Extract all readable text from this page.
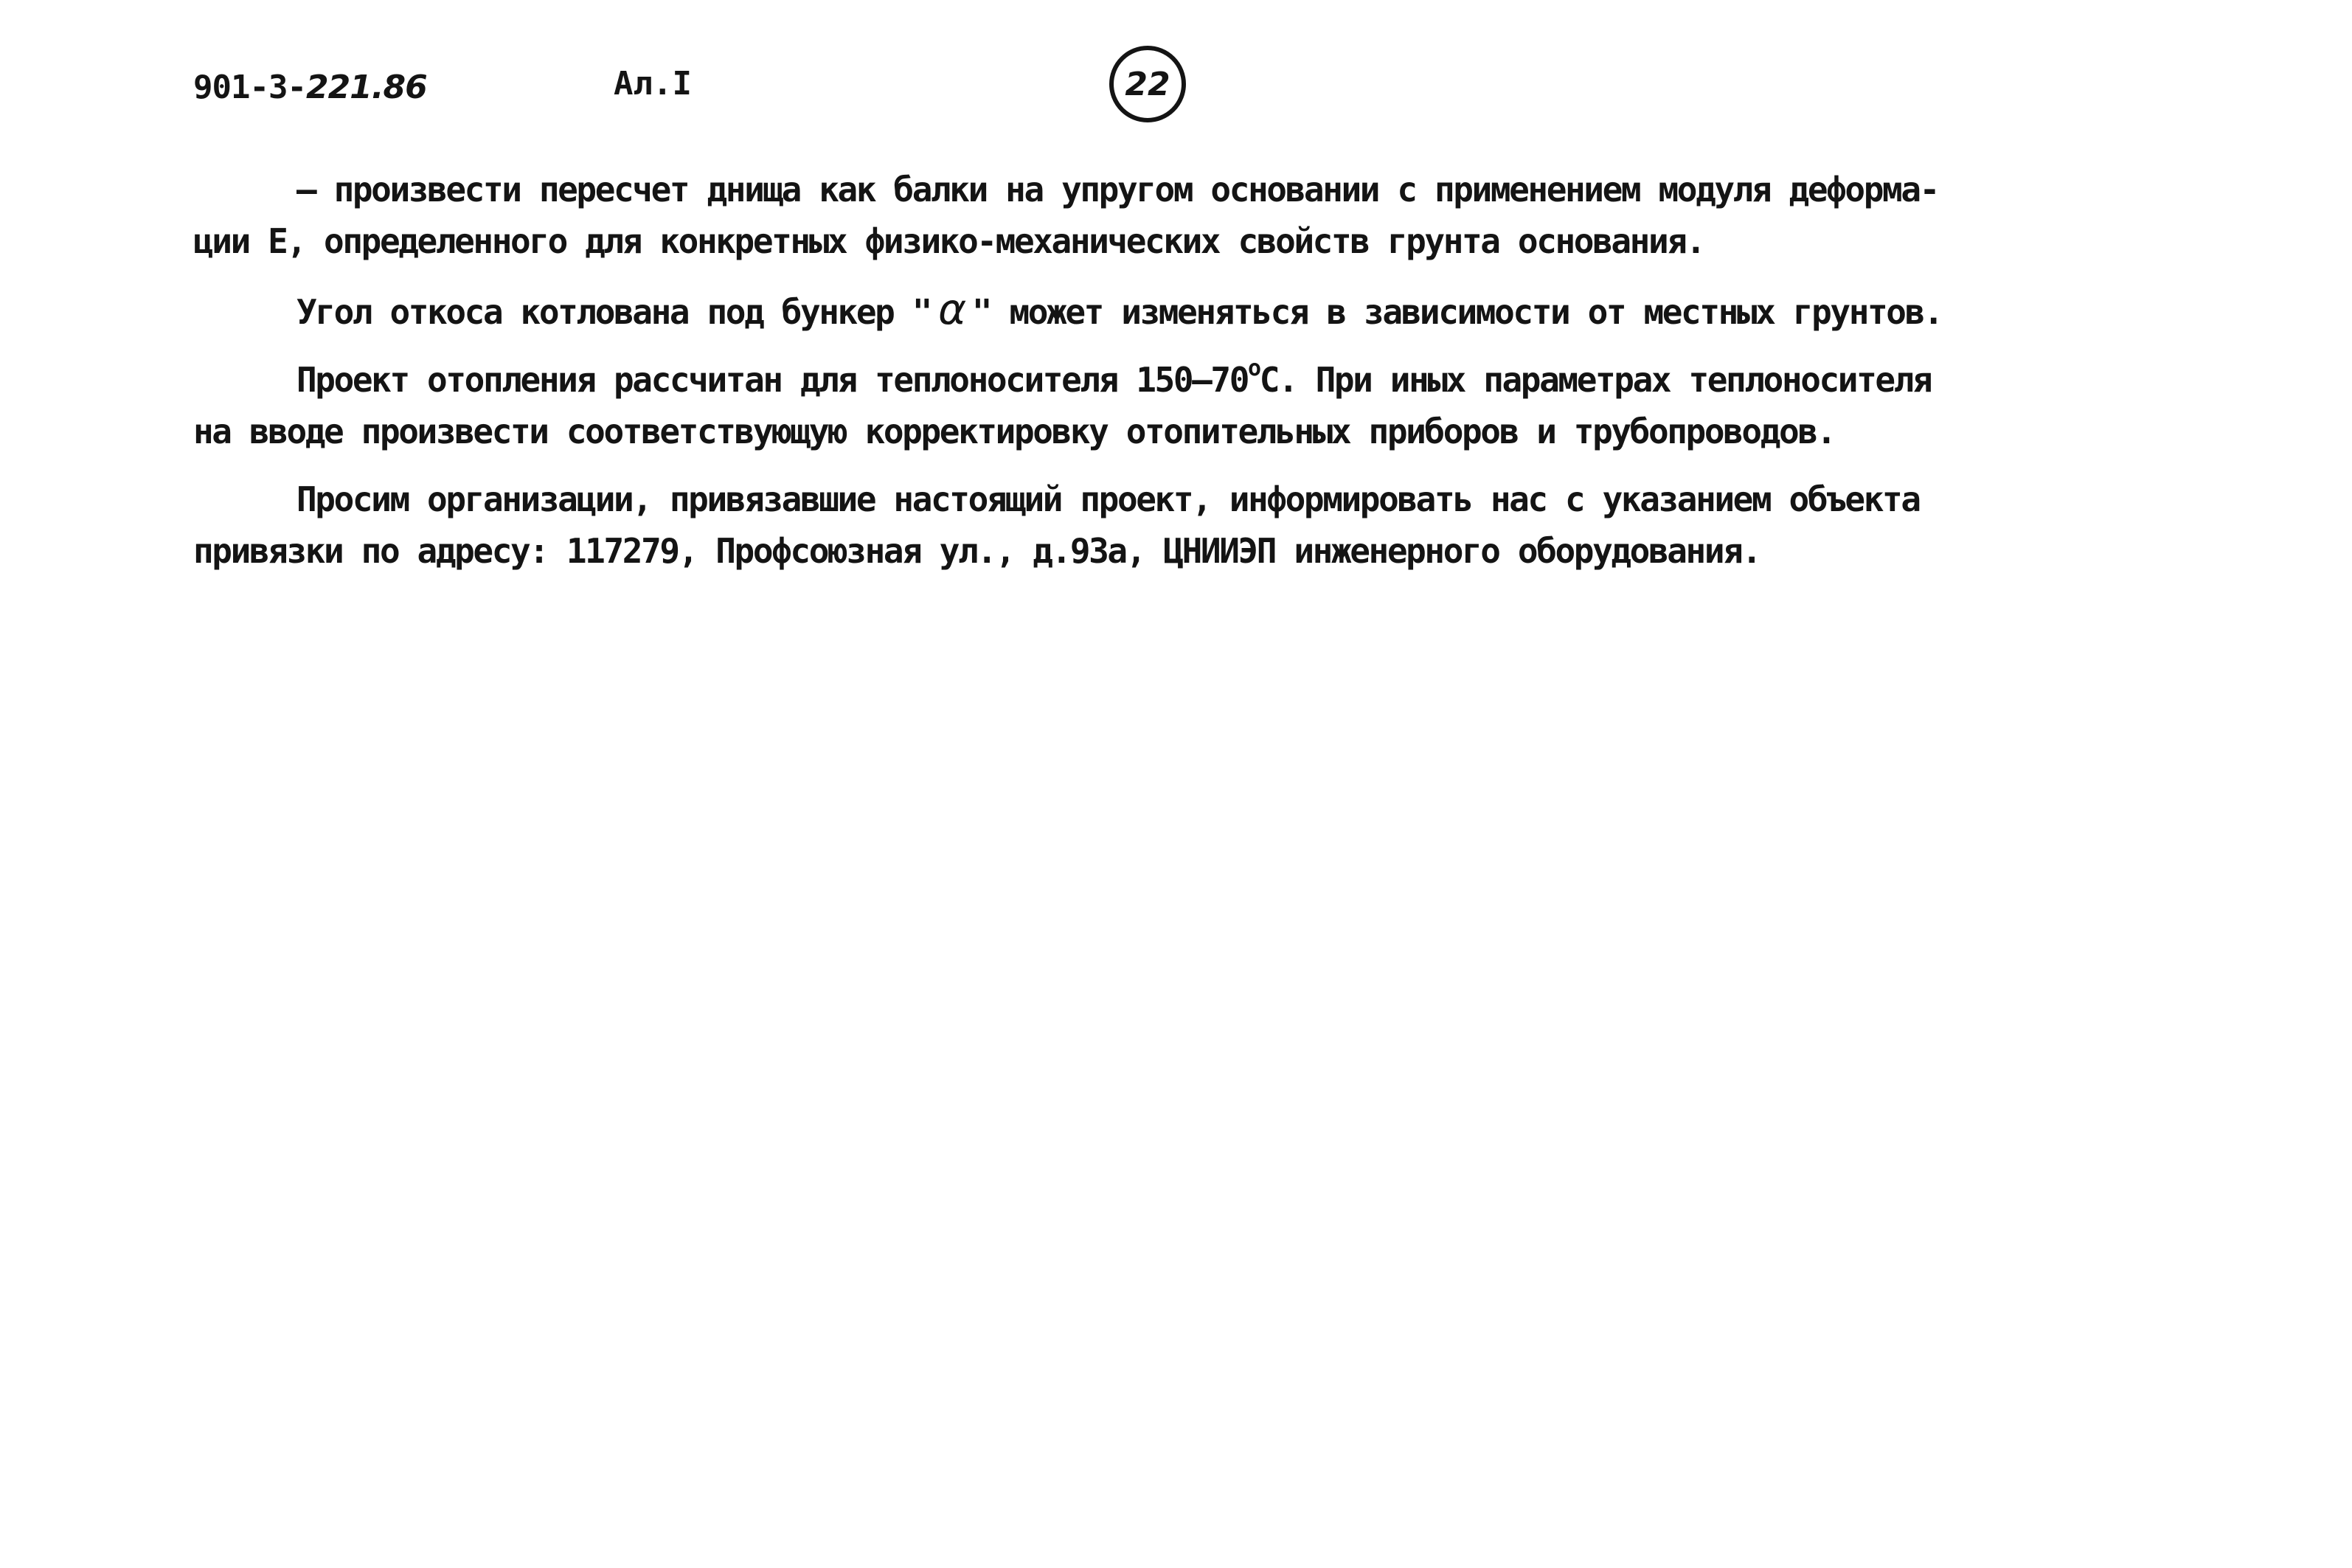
901-3-221.86	Ал.I	22
– произвести пересчет днища как балки на упругом основании с применением модуля деформа-
ции Е, определенного для конкретных физико-механических свойств грунта основания.
Угол откоса котлована под бункер " α " может изменяться в зависимости от местных грунтов.
Проект отопления рассчитан для теплоносителя $150-70^оС$. При иных параметрах теплоносителя
на вводе произвести соответствующую корректировку отопительных приборов и трубопроводов.
Просим организации, привязавшие настоящий проект, информировать нас с указанием объекта
привязки по адресу: 117279, Профсоюзная ул., д.93а, ЦНИИЭП инженерного оборудования.
